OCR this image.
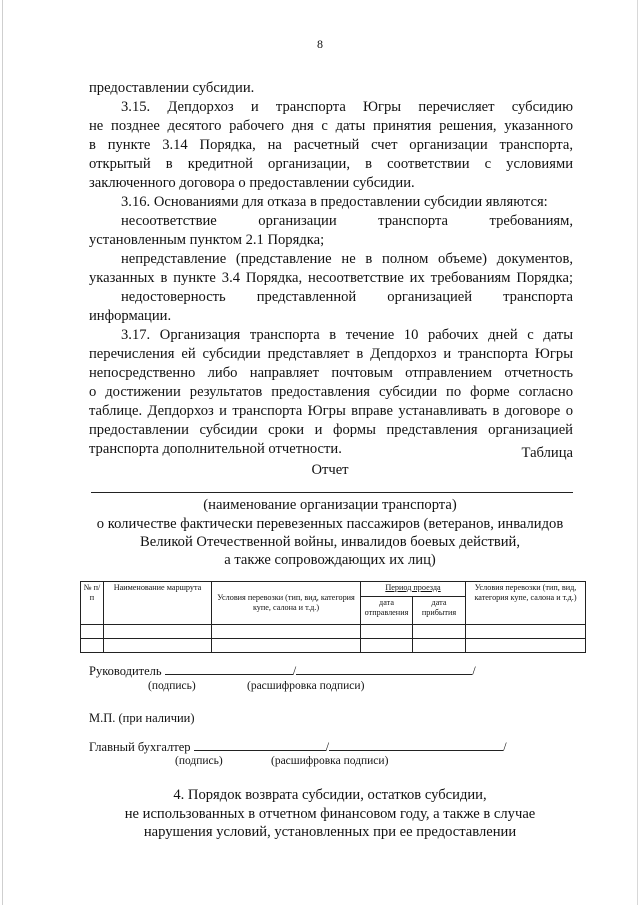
8
предоставлении субсидии.
3.15. Депдорхоз и транспорта Югры перечисляет субсидию
не позднее десятого рабочего дня с даты принятия решения, указанного
в пункте 3.14 Порядка, на расчетный счет организации транспорта,
открытый в кредитной организации, в соответствии с условиями
заключенного договора о предоставлении субсидии.
3.16. Основаниями для отказа в предоставлении субсидии являются:
несоответствие организации транспорта требованиям,
установленным пунктом 2.1 Порядка;
непредставление (представление не в полном объеме) документов,
указанных в пункте 3.4 Порядка, несоответствие их требованиям Порядка;
недостоверность представленной организацией транспорта
информации.
3.17. Организация транспорта в течение 10 рабочих дней с даты
перечисления ей субсидии представляет в Депдорхоз и транспорта Югры
непосредственно либо направляет почтовым отправлением отчетность
о достижении результатов предоставления субсидии по форме согласно
таблице. Депдорхоз и транспорта Югры вправе устанавливать в договоре о
предоставлении субсидии сроки и формы представления организацией
транспорта дополнительной отчетности.	Таблица
Отчет
(наименование организации транспорта)
о количестве фактически перевезенных пассажиров (ветеранов, инвалидов
Великой Отечественной войны, инвалидов боевых действий,
а также сопровождающих их лиц)
№ п/п	Наименование маршрута	Условия перевозки (тип, вид, категория купе, салона и т.д.)	Период проезда		Условия перевозки (тип, вид, категория купе, салона и т.д.)
			дата отправления	дата прибытия	

Руководитель	/	/
(подпись)	(расшифровка подписи)
М.П. (при наличии)
Главный бухгалтер	/	/
(подпись)	(расшифровка подписи)
4. Порядок возврата субсидии, остатков субсидии,
не использованных в отчетном финансовом году, а также в случае
нарушения условий, установленных при ее предоставлении
